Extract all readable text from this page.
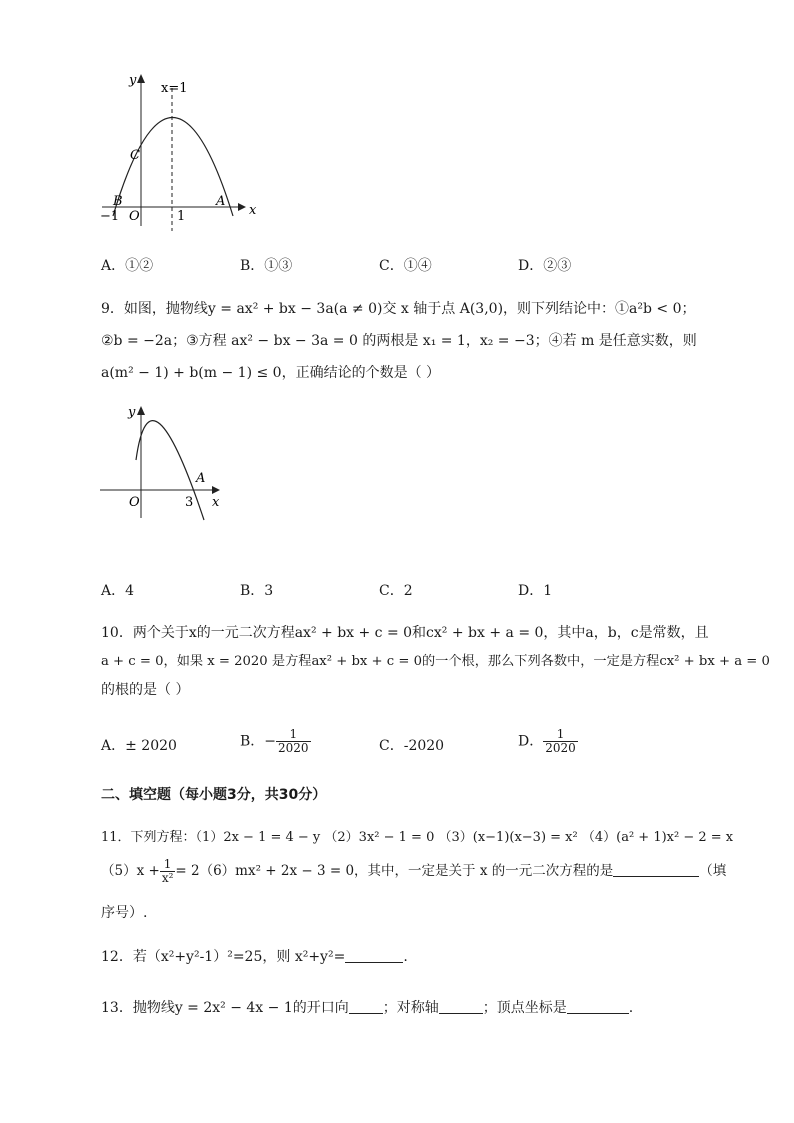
y
x=1
C
B	A
−1 O	1	x
A．①②	B．①③	C．①④	D．②③
9．如图，抛物线y = ax² + bx − 3a(a ≠ 0)交 x 轴于点 A(3,0)，则下列结论中：①a²b < 0；
②b = −2a；③方程 ax² − bx − 3a = 0 的两根是 x₁ = 1，x₂ = −3；④若 m 是任意实数，则
a(m² − 1) + b(m − 1) ≤ 0，正确结论的个数是（ ）
y
A
O	3 x
A．4	B．3	C．2	D．1
10．两个关于x的一元二次方程ax² + bx + c = 0和cx² + bx + a = 0，其中a，b，c是常数，且
a + c = 0，如果 x = 2020 是方程ax² + bx + c = 0的一个根，那么下列各数中，一定是方程cx² + bx + a = 0
的根的是（ ）
A．± 2020	B．− $\frac{1}{2020}$	C．-2020	D． $\frac{1}{2020}$
二、填空题（每小题3分，共30分）
11．下列方程：（1）2x − 1 = 4 − y （2）3x² − 1 = 0 （3）(x−1)(x−3) = x² （4）(a² + 1)x² − 2 = x
$(5)x + \frac{1}{\text{x²}} = 2(6)mx^2 + 2x - 3 = 0$，其中，一定是关于 x 的一元二次方程的是	（填
序号）.
12．若（x²+y²-1）²=25，则 x²+y²=	.
13．抛物线y = 2x² − 4x − 1的开口向 ；对称轴	；顶点坐标是	.
